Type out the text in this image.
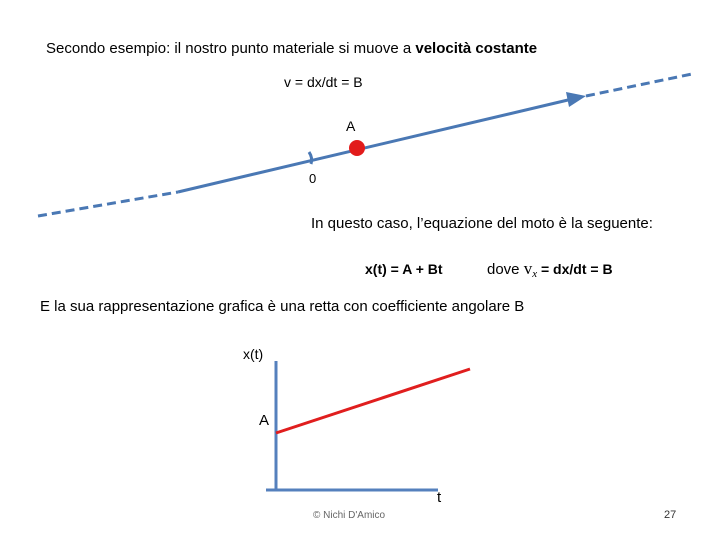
Secondo esempio: il nostro punto materiale si muove a velocità costante
v = dx/dt = B
A
0
In questo caso, l’equazione del moto è la seguente:
x(t) = A + Bt	dove $v_x = dx/dt = B$
E la sua rappresentazione grafica è una retta con coefficiente angolare B
x(t)
A
t
© Nichi D'Amico	27
